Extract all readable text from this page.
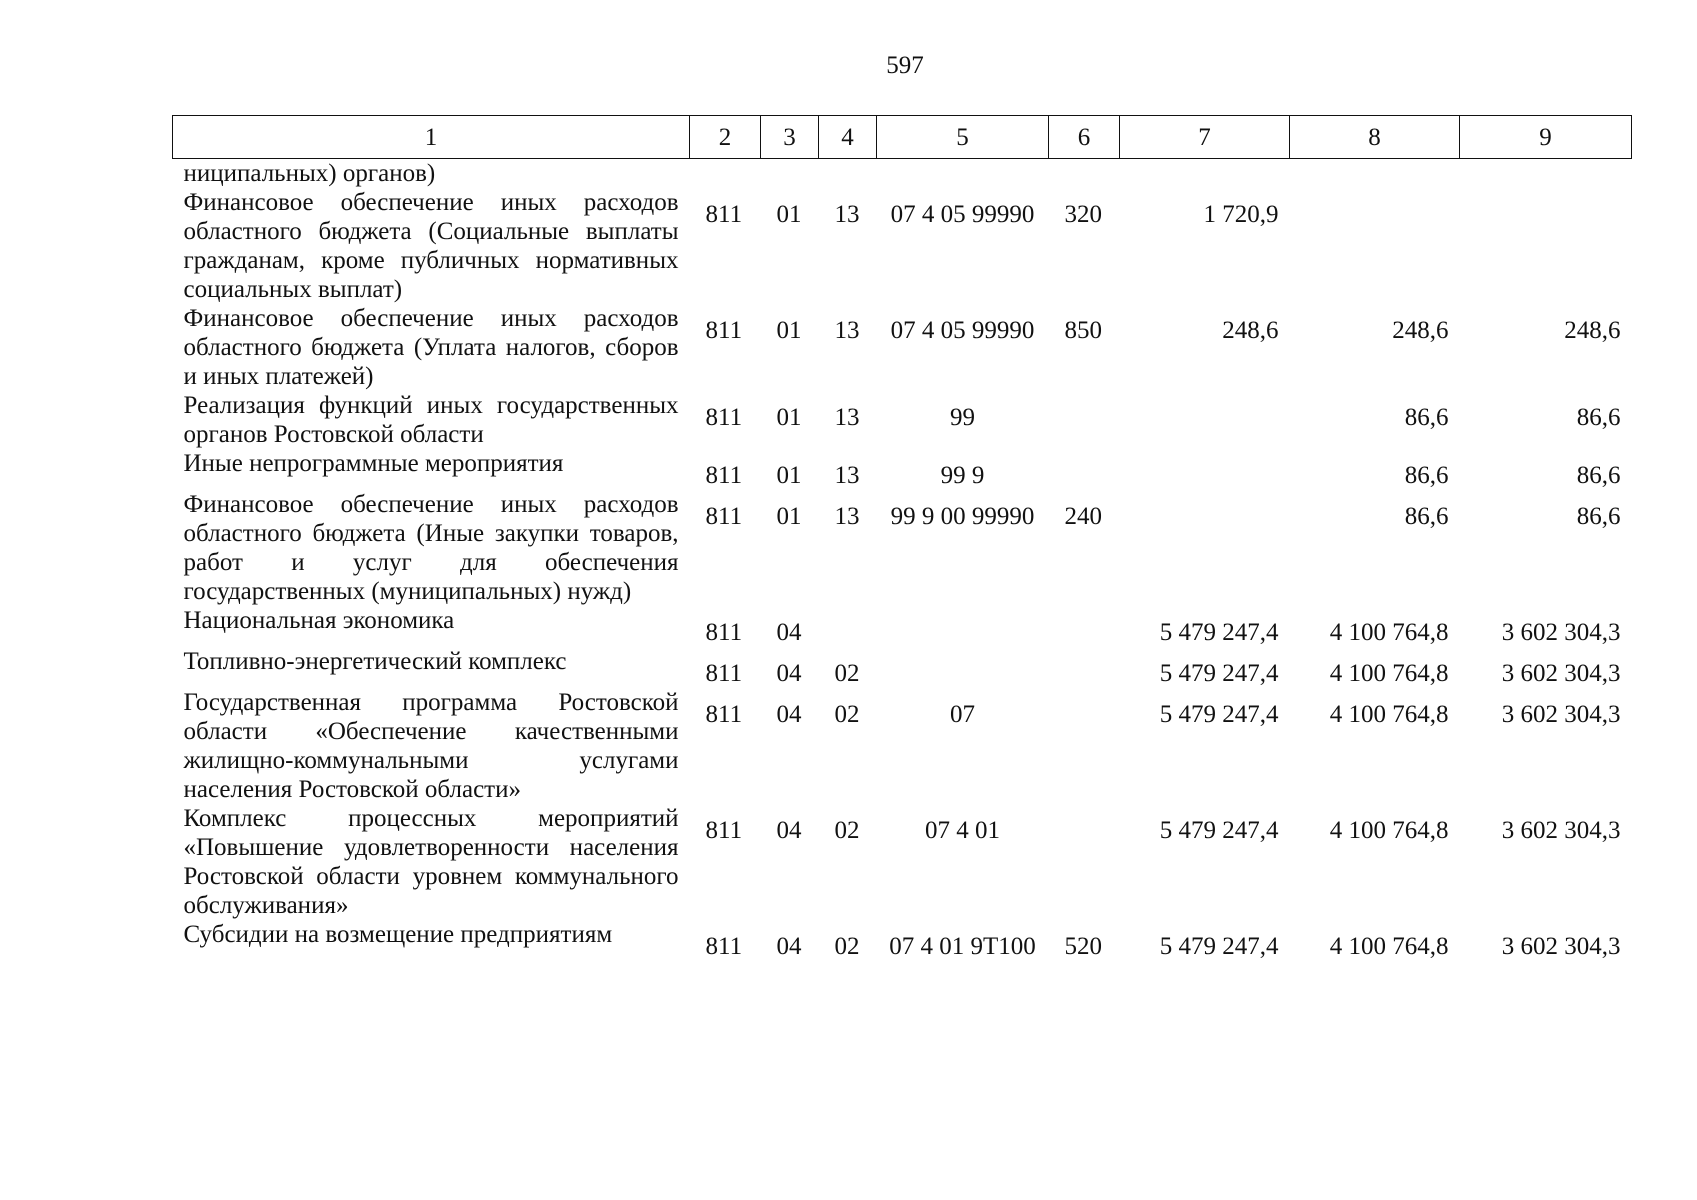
597
1	2	3	4	5	6	7	8	9
ниципальных) органов)								
Финансовое обеспечение иных расходов областного бюджета (Социальные выплаты гражданам, кроме публичных нормативных социальных выплат)	811	01	13	07 4 05 99990	320	1 720,9		
Финансовое обеспечение иных расходов областного бюджета (Уплата налогов, сборов и иных платежей)	811	01	13	07 4 05 99990	850	248,6	248,6	248,6
Реализация функций иных государственных органов Ростовской области	811	01	13	99			86,6	86,6
Иные непрограммные мероприятия	811	01	13	99 9			86,6	86,6
Финансовое обеспечение иных расходов областного бюджета (Иные закупки товаров, работ и услуг для обеспечения государственных (муниципальных) нужд)	811	01	13	99 9 00 99990	240		86,6	86,6
Национальная экономика	811	04				5 479 247,4	4 100 764,8	3 602 304,3
Топливно-энергетический комплекс	811	04	02			5 479 247,4	4 100 764,8	3 602 304,3
Государственная программа Ростовской области «Обеспечение качественными жилищно-коммунальными услугами населения Ростовской области»	811	04	02	07		5 479 247,4	4 100 764,8	3 602 304,3
Комплекс процессных мероприятий «Повышение удовлетворенности населения Ростовской области уровнем коммунального обслуживания»	811	04	02	07 4 01		5 479 247,4	4 100 764,8	3 602 304,3
Субсидии на возмещение предприятиям	811	04	02	07 4 01 9Т100	520	5 479 247,4	4 100 764,8	3 602 304,3
